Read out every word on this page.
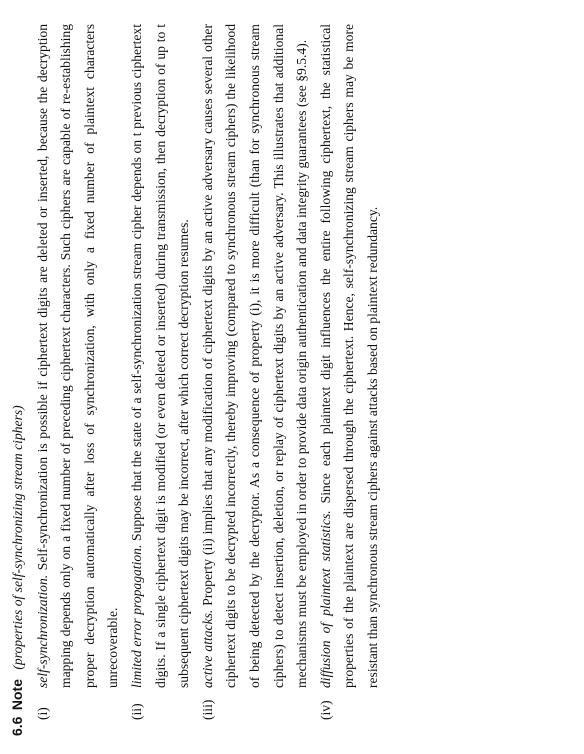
6.6 Note (properties of self-synchronizing stream ciphers)
(i)

self-synchronization. Self-synchronization is possible if ciphertext digits are deleted or inserted, because the decryption mapping depends only on a fixed number of preceding ciphertext characters. Such ciphers are capable of re-establishing proper decryption automatically after loss of synchronization, with only a fixed number of plaintext characters unrecoverable.

(ii)

limited error propagation. Suppose that the state of a self-synchronization stream cipher depends on t previous ciphertext digits. If a single ciphertext digit is modified (or even deleted or inserted) during transmission, then decryption of up to t subsequent ciphertext digits may be incorrect, after which correct decryption resumes.

(iii)

active attacks. Property (ii) implies that any modification of ciphertext digits by an active adversary causes several other ciphertext digits to be decrypted incorrectly, thereby improving (compared to synchronous stream ciphers) the likelihood of being detected by the decryptor. As a consequence of property (i), it is more difficult (than for synchronous stream ciphers) to detect insertion, deletion, or replay of ciphertext digits by an active adversary. This illustrates that additional mechanisms must be employed in order to provide data origin authentication and data integrity guarantees (see §9.5.4).

(iv)

diffusion of plaintext statistics. Since each plaintext digit influences the entire following ciphertext, the statistical properties of the plaintext are dispersed through the ciphertext. Hence, self-synchronizing stream ciphers may be more resistant than synchronous stream ciphers against attacks based on plaintext redundancy.
